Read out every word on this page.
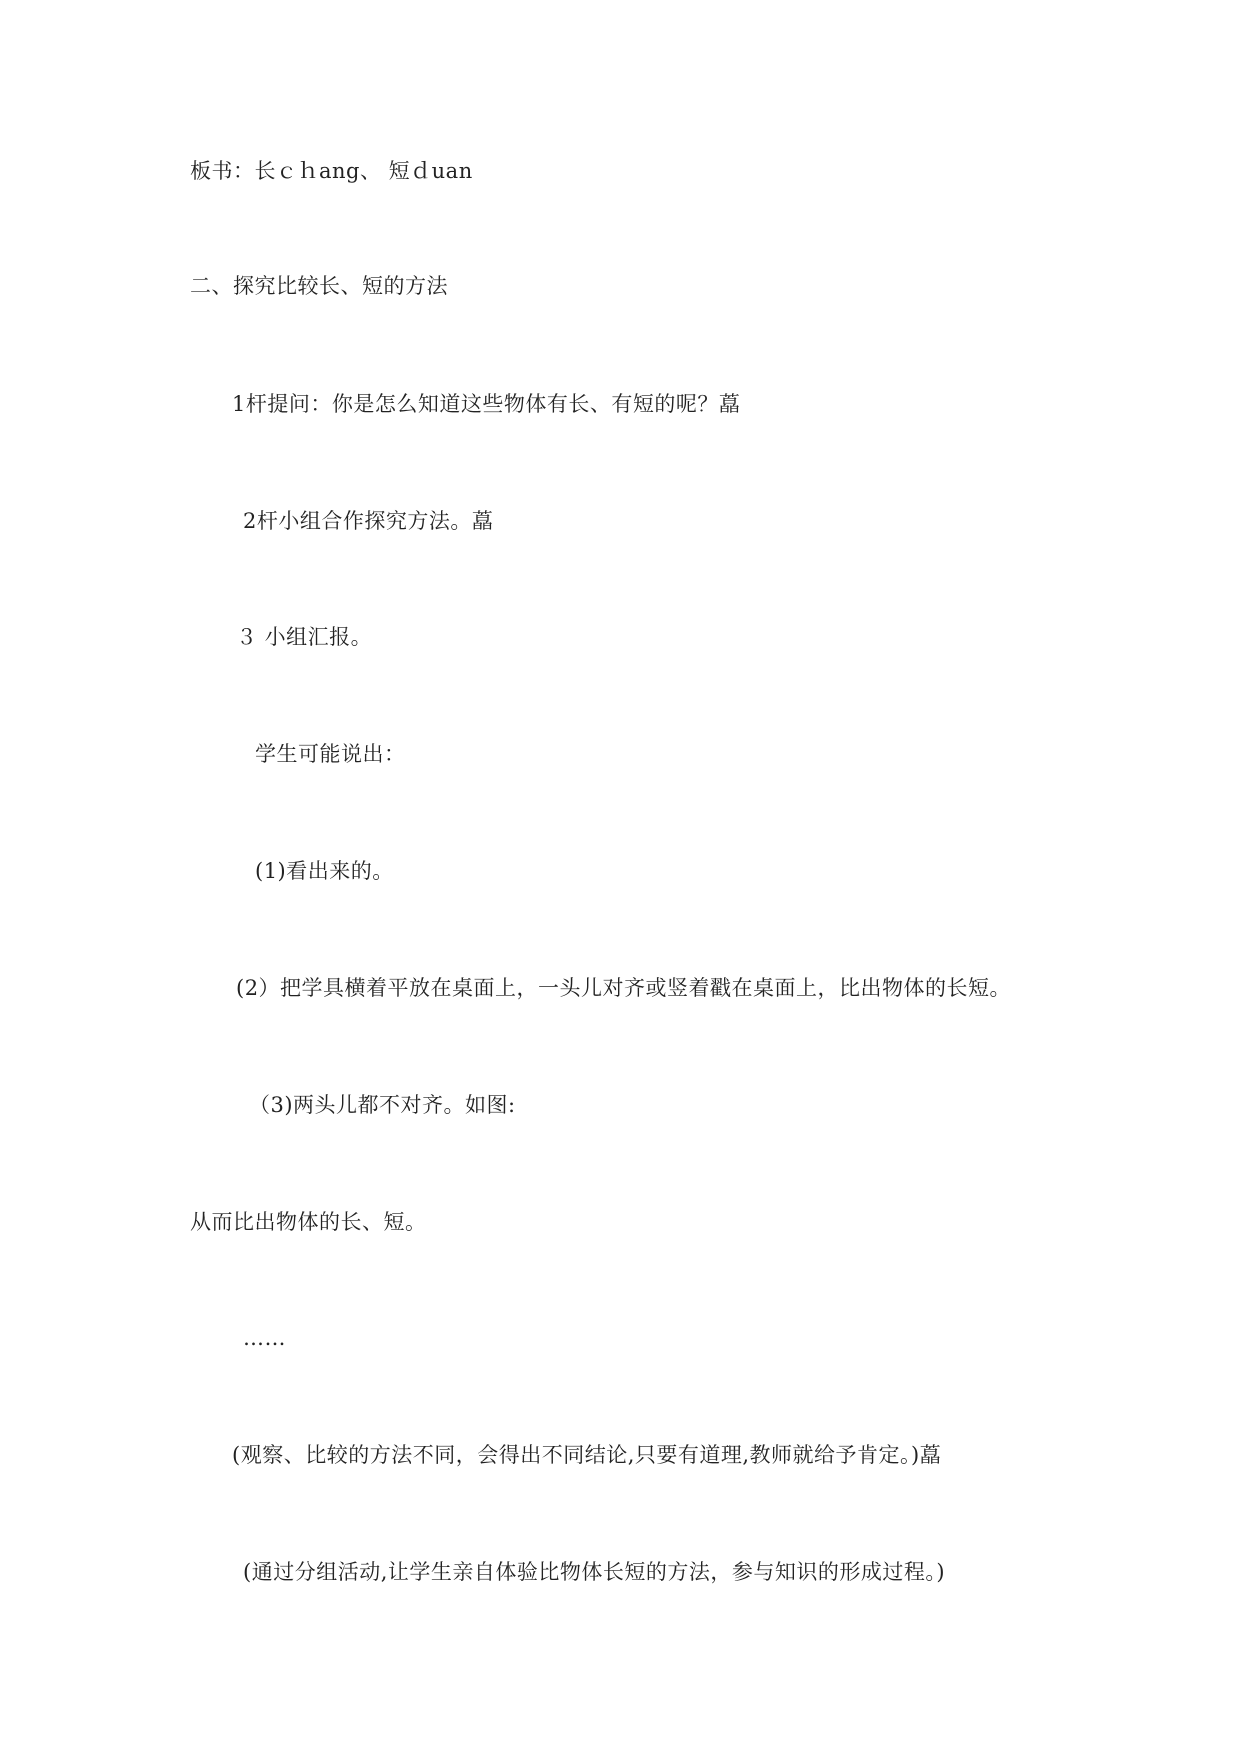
板书：长ｃｈang、 短ｄuan
二、探究比较长、短的方法
1杆提问：你是怎么知道这些物体有长、有短的呢？藠
2杆小组合作探究方法。藠
３ 小组汇报。
学生可能说出：
(1)看出来的。
(2）把学具横着平放在桌面上，一头儿对齐或竖着戳在桌面上，比出物体的长短。
（3)两头儿都不对齐。如图:
从而比出物体的长、短。
……
(观察、比较的方法不同，会得出不同结论,只要有道理,教师就给予肯定。)藠
(通过分组活动,让学生亲自体验比物体长短的方法，参与知识的形成过程。)
